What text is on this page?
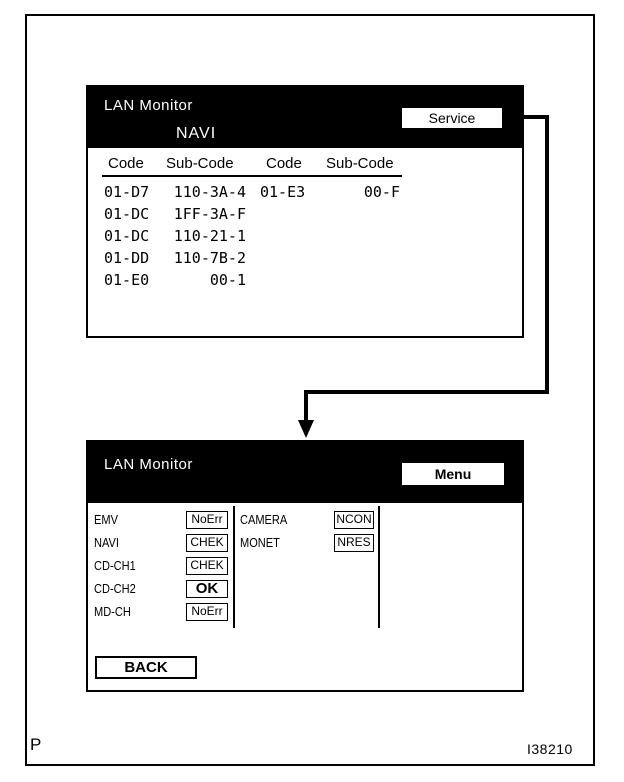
LAN Monitor
NAVI
Service
Code Sub-Code Code Sub-Code
01-D7	110-3A-4 01-E3	00-F
01-DC	1FF-3A-F
01-DC	110-21-1
01-DD	110-7B-2
01-E0	00-1
LAN Monitor
Menu
EMV	NoErr
NAVI	CHEK
CD-CH1	CHEK
CD-CH2	OK
MD-CH	NoErr
CAMERA	NCON
MONET	NRES
BACK
P	I38210
